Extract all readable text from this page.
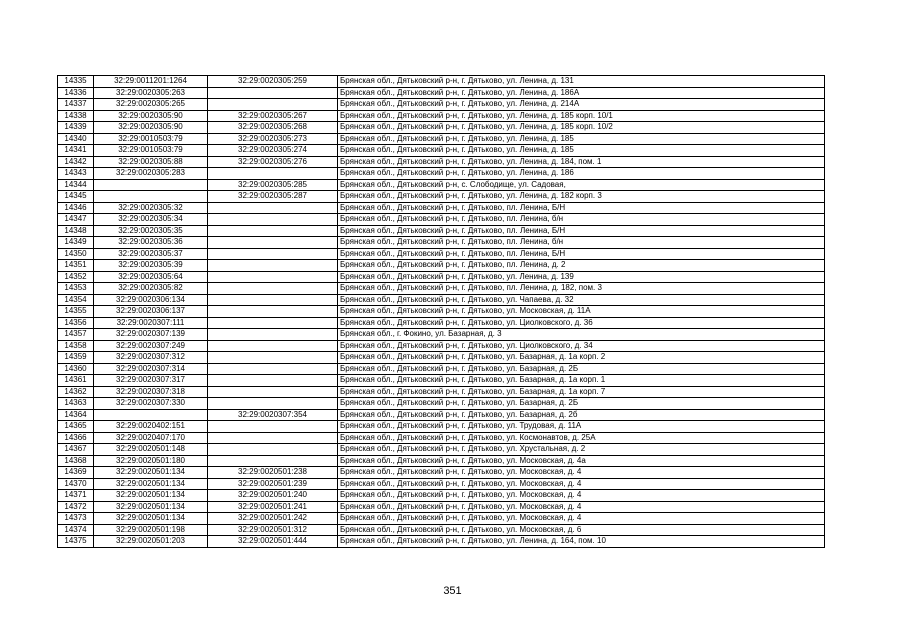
14335	32:29:0011201:1264	32:29:0020305:259	Брянская обл., Дятьковский р-н, г. Дятьково, ул. Ленина, д. 131
14336	32:29:0020305:263		Брянская обл., Дятьковский р-н, г. Дятьково, ул. Ленина, д. 186А
14337	32:29:0020305:265		Брянская обл., Дятьковский р-н, г. Дятьково, ул. Ленина, д. 214А
14338	32:29:0020305:90	32:29:0020305:267	Брянская обл., Дятьковский р-н, г. Дятьково, ул. Ленина, д. 185 корп. 10/1
14339	32:29:0020305:90	32:29:0020305:268	Брянская обл., Дятьковский р-н, г. Дятьково, ул. Ленина, д. 185 корп. 10/2
14340	32:29:0010503:79	32:29:0020305:273	Брянская обл., Дятьковский р-н, г. Дятьково, ул. Ленина, д. 185
14341	32:29:0010503:79	32:29:0020305:274	Брянская обл., Дятьковский р-н, г. Дятьково, ул. Ленина, д. 185
14342	32:29:0020305:88	32:29:0020305:276	Брянская обл., Дятьковский р-н, г. Дятьково, ул. Ленина, д. 184, пом. 1
14343	32:29:0020305:283		Брянская обл., Дятьковский р-н, г. Дятьково, ул. Ленина, д. 186
14344		32:29:0020305:285	Брянская обл., Дятьковский р-н, с. Слободище, ул. Садовая,
14345		32:29:0020305:287	Брянская обл., Дятьковский р-н, г. Дятьково, ул. Ленина, д. 182 корп. 3
14346	32:29:0020305:32		Брянская обл., Дятьковский р-н, г. Дятьково, пл. Ленина, Б/Н
14347	32:29:0020305:34		Брянская обл., Дятьковский р-н, г. Дятьково, пл. Ленина, б/н
14348	32:29:0020305:35		Брянская обл., Дятьковский р-н, г. Дятьково, пл. Ленина, Б/Н
14349	32:29:0020305:36		Брянская обл., Дятьковский р-н, г. Дятьково, пл. Ленина, б/н
14350	32:29:0020305:37		Брянская обл., Дятьковский р-н, г. Дятьково, пл. Ленина, Б/Н
14351	32:29:0020305:39		Брянская обл., Дятьковский р-н, г. Дятьково, пл. Ленина, д. 2
14352	32:29:0020305:64		Брянская обл., Дятьковский р-н, г. Дятьково, ул. Ленина, д. 139
14353	32:29:0020305:82		Брянская обл., Дятьковский р-н, г. Дятьково, пл. Ленина, д. 182, пом. 3
14354	32:29:0020306:134		Брянская обл., Дятьковский р-н, г. Дятьково, ул. Чапаева, д. 32
14355	32:29:0020306:137		Брянская обл., Дятьковский р-н, г. Дятьково, ул. Московская, д. 11А
14356	32:29:0020307:111		Брянская обл., Дятьковский р-н, г. Дятьково, ул. Циолковского, д. 36
14357	32:29:0020307:139		Брянская обл., г. Фокино, ул. Базарная, д. 3
14358	32:29:0020307:249		Брянская обл., Дятьковский р-н, г. Дятьково, ул. Циолковского, д. 34
14359	32:29:0020307:312		Брянская обл., Дятьковский р-н, г. Дятьково, ул. Базарная, д. 1а корп. 2
14360	32:29:0020307:314		Брянская обл., Дятьковский р-н, г. Дятьково, ул. Базарная, д. 2Б
14361	32:29:0020307:317		Брянская обл., Дятьковский р-н, г. Дятьково, ул. Базарная, д. 1а корп. 1
14362	32:29:0020307:318		Брянская обл., Дятьковский р-н, г. Дятьково, ул. Базарная, д. 1а корп. 7
14363	32:29:0020307:330		Брянская обл., Дятьковский р-н, г. Дятьково, ул. Базарная, д. 2Б
14364		32:29:0020307:354	Брянская обл., Дятьковский р-н, г. Дятьково, ул. Базарная, д. 2б
14365	32:29:0020402:151		Брянская обл., Дятьковский р-н, г. Дятьково, ул. Трудовая, д. 11А
14366	32:29:0020407:170		Брянская обл., Дятьковский р-н, г. Дятьково, ул. Космонавтов, д. 25А
14367	32:29:0020501:148		Брянская обл., Дятьковский р-н, г. Дятьково, ул. Хрустальная, д. 2
14368	32:29:0020501:180		Брянская обл., Дятьковский р-н, г. Дятьково, ул. Московская, д. 4а
14369	32:29:0020501:134	32:29:0020501:238	Брянская обл., Дятьковский р-н, г. Дятьково, ул. Московская, д. 4
14370	32:29:0020501:134	32:29:0020501:239	Брянская обл., Дятьковский р-н, г. Дятьково, ул. Московская, д. 4
14371	32:29:0020501:134	32:29:0020501:240	Брянская обл., Дятьковский р-н, г. Дятьково, ул. Московская, д. 4
14372	32:29:0020501:134	32:29:0020501:241	Брянская обл., Дятьковский р-н, г. Дятьково, ул. Московская, д. 4
14373	32:29:0020501:134	32:29:0020501:242	Брянская обл., Дятьковский р-н, г. Дятьково, ул. Московская, д. 4
14374	32:29:0020501:198	32:29:0020501:312	Брянская обл., Дятьковский р-н, г. Дятьково, ул. Московская, д. 6
14375	32:29:0020501:203	32:29:0020501:444	Брянская обл., Дятьковский р-н, г. Дятьково, ул. Ленина, д. 164, пом. 10
351
